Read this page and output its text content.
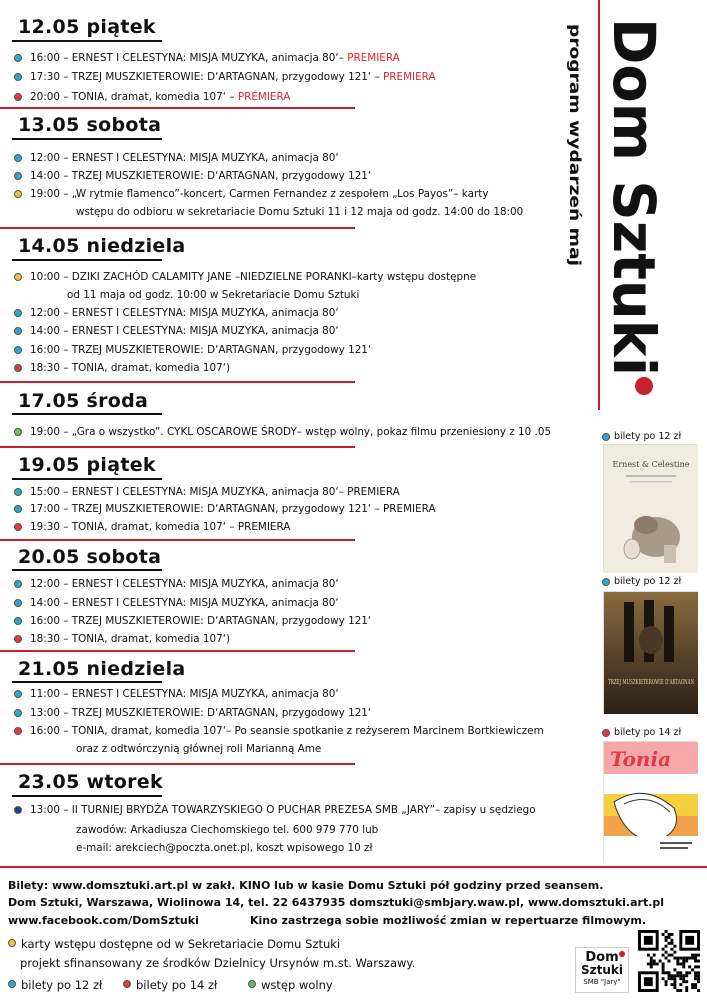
Dom Sztuki
program wydarzeń maj
12.05 piątek
16:00 – ERNEST I CELESTYNA: MISJA MUZYKA, animacja 80‘– PREMIERA
17:30 – TRZEJ MUSZKIETEROWIE: D‘ARTAGNAN, przygodowy 121‘ – PREMIERA
20:00 – TONIA, dramat, komedia 107‘ – PREMIERA
13.05 sobota
12:00 – ERNEST I CELESTYNA: MISJA MUZYKA, animacja 80‘
14:00 – TRZEJ MUSZKIETEROWIE: D‘ARTAGNAN, przygodowy 121‘
19:00 – „W rytmie flamenco”-koncert, Carmen Fernandez z zespołem „Los Payos”– karty
wstępu do odbioru w sekretariacie Domu Sztuki 11 i 12 maja od godz. 14:00 do 18:00
14.05 niedziela
10:00 – DZIKI ZACHÓD CALAMITY JANE –NIEDZIELNE PORANKI–karty wstępu dostępne
od 11 maja od godz. 10:00 w Sekretariacie Domu Sztuki
12:00 – ERNEST I CELESTYNA: MISJA MUZYKA, animacja 80‘
14:00 – ERNEST I CELESTYNA: MISJA MUZYKA, animacja 80‘
16:00 – TRZEJ MUSZKIETEROWIE: D‘ARTAGNAN, przygodowy 121‘
18:30 – TONIA, dramat, komedia 107‘)
17.05 środa
19:00 – „Gra o wszystko”. CYKL OSCAROWE ŚRODY– wstęp wolny, pokaz filmu przeniesiony z 10 .05
19.05 piątek
15:00 – ERNEST I CELESTYNA: MISJA MUZYKA, animacja 80‘– PREMIERA
17:00 – TRZEJ MUSZKIETEROWIE: D‘ARTAGNAN, przygodowy 121‘ – PREMIERA
19:30 – TONIA, dramat, komedia 107‘ – PREMIERA
20.05 sobota
12:00 – ERNEST I CELESTYNA: MISJA MUZYKA, animacja 80‘
14:00 – ERNEST I CELESTYNA: MISJA MUZYKA, animacja 80‘
16:00 – TRZEJ MUSZKIETEROWIE: D‘ARTAGNAN, przygodowy 121‘
18:30 – TONIA, dramat, komedia 107‘)
21.05 niedziela
11:00 – ERNEST I CELESTYNA: MISJA MUZYKA, animacja 80‘
13:00 – TRZEJ MUSZKIETEROWIE: D‘ARTAGNAN, przygodowy 121‘
16:00 – TONIA, dramat, komedia 107‘– Po seansie spotkanie z reżyserem Marcinem Bortkiewiczem
oraz z odtwórczynią głównej roli Marianną Ame
23.05 wtorek
13:00 – II TURNIEJ BRYDŻA TOWARZYSKIEGO O PUCHAR PREZESA SMB „JARY”– zapisy u sędziego
zawodów: Arkadiusza Ciechomskiego tel. 600 979 770 lub
e-mail: arekciech@poczta.onet.pl, koszt wpisowego 10 zł
bilety po 12 zł
Ernest & Celestine
bilety po 12 zł
TRZEJ MUSZKIETEROWIE D'ARTAGNAN
bilety po 14 zł
Tonia
Bilety: www.domsztuki.art.pl w zakł. KINO lub w kasie Domu Sztuki pół godziny przed seansem.
Dom Sztuki, Warszawa, Wiolinowa 14, tel. 22 6437935 domsztuki@smbjary.waw.pl, www.domsztuki.art.pl
www.facebook.com/DomSztuki	Kino zastrzega sobie możliwość zmian w repertuarze filmowym.
karty wstępu dostępne od w Sekretariacie Domu Sztuki
projekt sfinansowany ze środków Dzielnicy Ursynów m.st. Warszawy.
bilety po 12 zł	bilety po 14 zł	wstęp wolny
Dom
Sztuki
SMB "Jary"
